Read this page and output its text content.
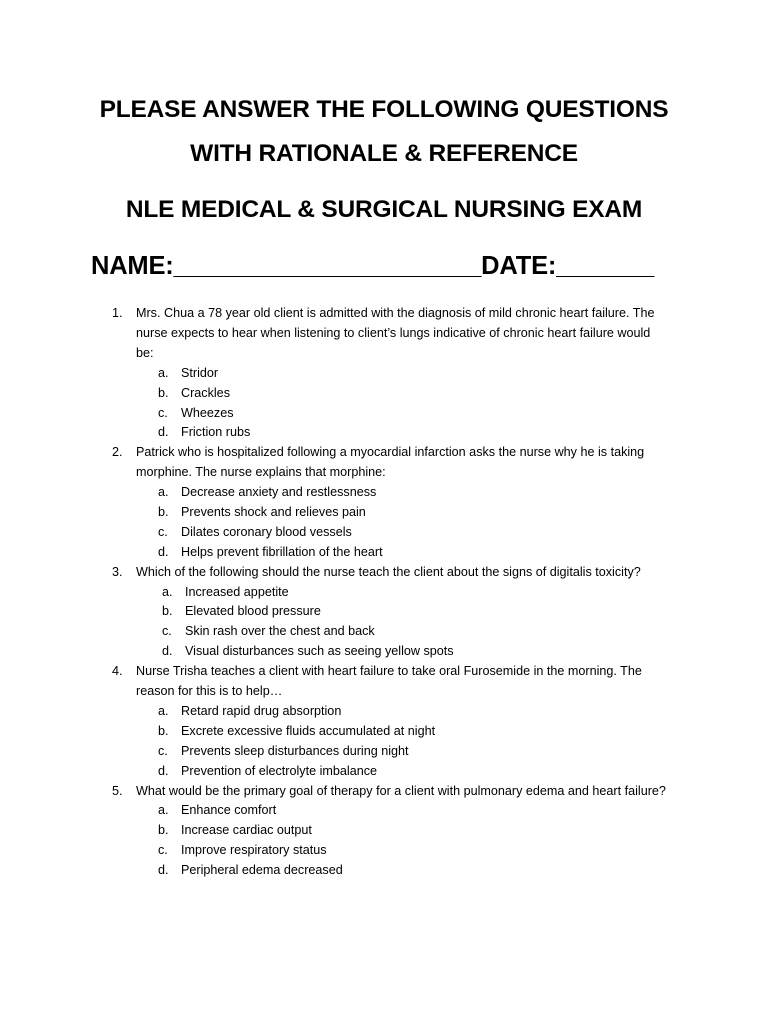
PLEASE ANSWER THE FOLLOWING QUESTIONS
WITH RATIONALE & REFERENCE
NLE MEDICAL & SURGICAL NURSING EXAM
NAME:______________________DATE:_______
1. Mrs. Chua a 78 year old client is admitted with the diagnosis of mild chronic heart failure. The nurse expects to hear when listening to client’s lungs indicative of chronic heart failure would be:
a. Stridor
b. Crackles
c. Wheezes
d. Friction rubs
2. Patrick who is hospitalized following a myocardial infarction asks the nurse why he is taking morphine. The nurse explains that morphine:
a. Decrease anxiety and restlessness
b. Prevents shock and relieves pain
c. Dilates coronary blood vessels
d. Helps prevent fibrillation of the heart
3. Which of the following should the nurse teach the client about the signs of digitalis toxicity?
a. Increased appetite
b. Elevated blood pressure
c. Skin rash over the chest and back
d. Visual disturbances such as seeing yellow spots
4. Nurse Trisha teaches a client with heart failure to take oral Furosemide in the morning. The reason for this is to help…
a. Retard rapid drug absorption
b. Excrete excessive fluids accumulated at night
c. Prevents sleep disturbances during night
d. Prevention of electrolyte imbalance
5. What would be the primary goal of therapy for a client with pulmonary edema and heart failure?
a. Enhance comfort
b. Increase cardiac output
c. Improve respiratory status
d. Peripheral edema decreased
